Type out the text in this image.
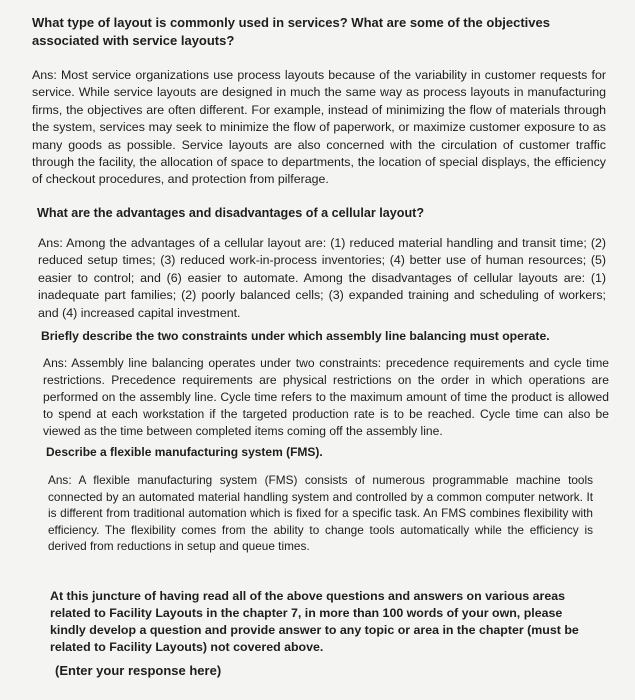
What type of layout is commonly used in services? What are some of the objectives associated with service layouts?
Ans: Most service organizations use process layouts because of the variability in customer requests for service. While service layouts are designed in much the same way as process layouts in manufacturing firms, the objectives are often different. For example, instead of minimizing the flow of materials through the system, services may seek to minimize the flow of paperwork, or maximize customer exposure to as many goods as possible. Service layouts are also concerned with the circulation of customer traffic through the facility, the allocation of space to departments, the location of special displays, the efficiency of checkout procedures, and protection from pilferage.
What are the advantages and disadvantages of a cellular layout?
Ans: Among the advantages of a cellular layout are: (1) reduced material handling and transit time; (2) reduced setup times; (3) reduced work-in-process inventories; (4) better use of human resources; (5) easier to control; and (6) easier to automate. Among the disadvantages of cellular layouts are: (1) inadequate part families; (2) poorly balanced cells; (3) expanded training and scheduling of workers; and (4) increased capital investment.
Briefly describe the two constraints under which assembly line balancing must operate.
Ans: Assembly line balancing operates under two constraints: precedence requirements and cycle time restrictions. Precedence requirements are physical restrictions on the order in which operations are performed on the assembly line. Cycle time refers to the maximum amount of time the product is allowed to spend at each workstation if the targeted production rate is to be reached. Cycle time can also be viewed as the time between completed items coming off the assembly line.
Describe a flexible manufacturing system (FMS).
Ans: A flexible manufacturing system (FMS) consists of numerous programmable machine tools connected by an automated material handling system and controlled by a common computer network. It is different from traditional automation which is fixed for a specific task. An FMS combines flexibility with efficiency. The flexibility comes from the ability to change tools automatically while the efficiency is derived from reductions in setup and queue times.
At this juncture of having read all of the above questions and answers on various areas related to Facility Layouts in the chapter 7, in more than 100 words of your own, please kindly develop a question and provide answer to any topic or area in the chapter (must be related to Facility Layouts) not covered above.
(Enter your response here)
